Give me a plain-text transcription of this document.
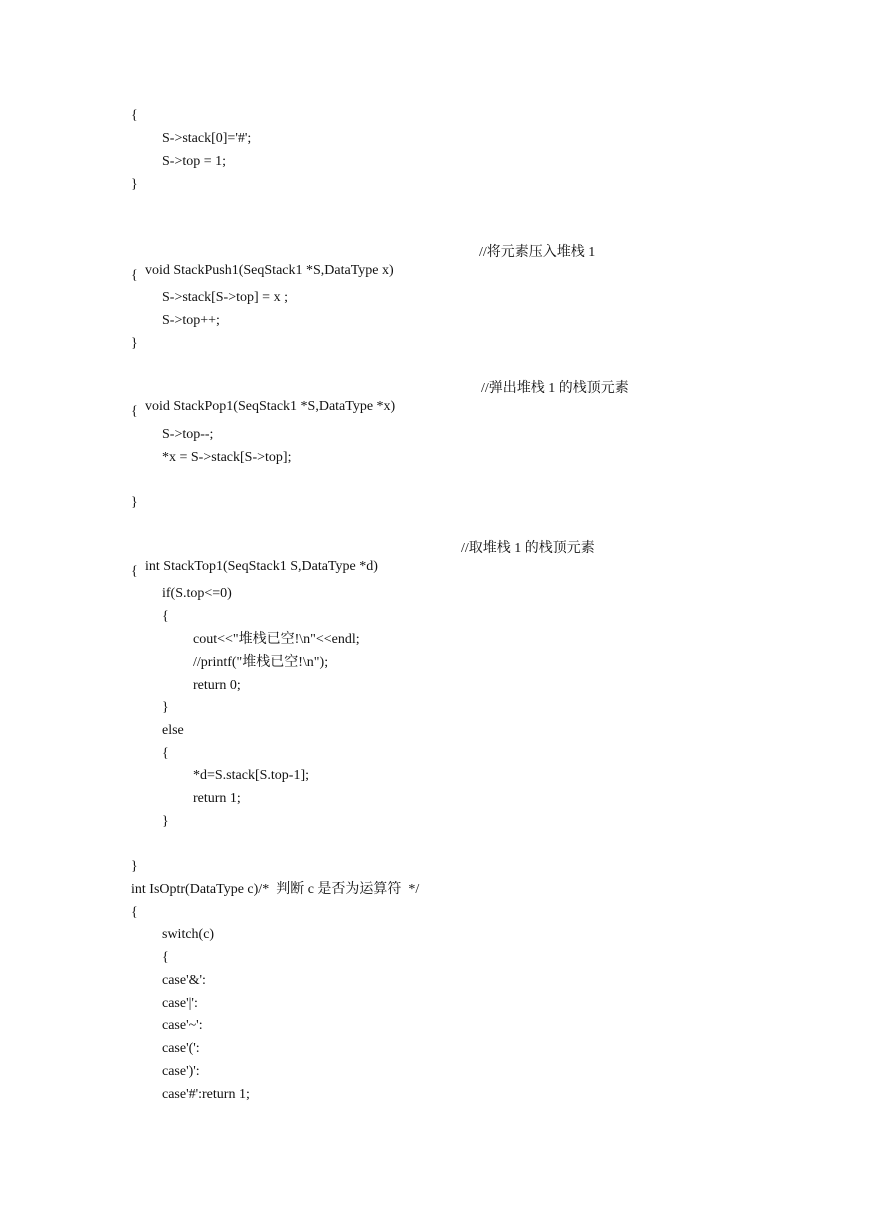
{
S->stack[0]='#';
S->top = 1;
}

void StackPush1(SeqStack1 *S,DataType x)

//将元素压入堆栈 1

{
S->stack[S->top] = x ;
S->top++;
}

void StackPop1(SeqStack1 *S,DataType *x)

//弹出堆栈 1 的栈顶元素

{
S->top--;
*x = S->stack[S->top];
}

int StackTop1(SeqStack1 S,DataType *d)

//取堆栈 1 的栈顶元素

{
if(S.top<=0)
{
cout<<"堆栈已空!\n"<<endl;
//printf("堆栈已空!\n");
return 0;
}
else
{
*d=S.stack[S.top-1];
return 1;
}
}
int IsOptr(DataType c)/*  判断 c 是否为运算符  */
{
switch(c)
{
case'&':
case'|':
case'~':
case'(':
case')':
case'#':return 1;
